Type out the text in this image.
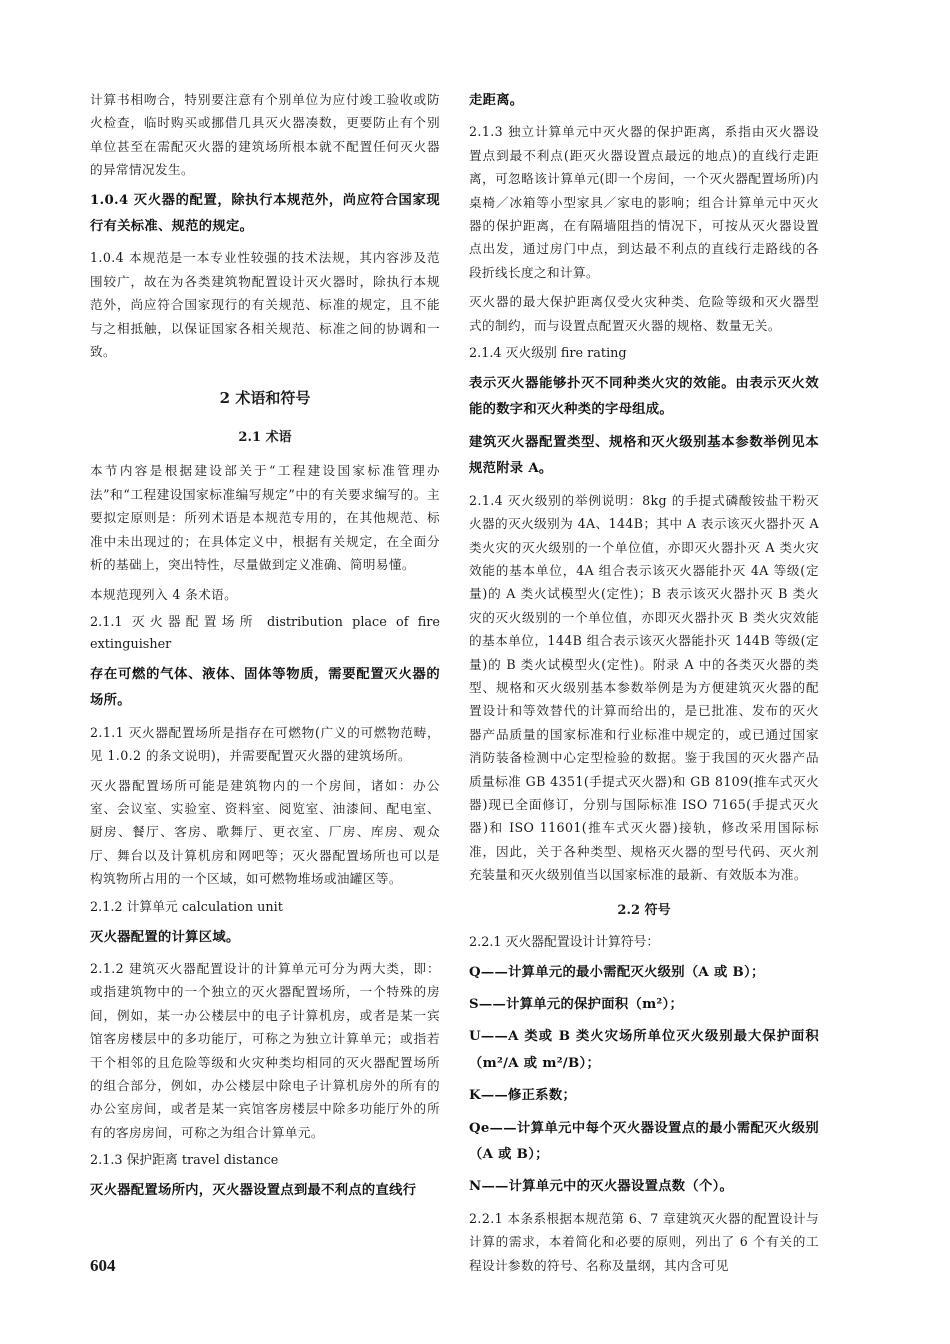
计算书相吻合，特别要注意有个别单位为应付竣工验收或防火检查，临时购买或挪借几具灭火器凑数，更要防止有个别单位甚至在需配灭火器的建筑场所根本就不配置任何灭火器的异常情况发生。

1.0.4 灭火器的配置，除执行本规范外，尚应符合国家现行有关标准、规范的规定。

1.0.4 本规范是一本专业性较强的技术法规，其内容涉及范围较广，故在为各类建筑物配置设计灭火器时，除执行本规范外，尚应符合国家现行的有关规范、标准的规定，且不能与之相抵触，以保证国家各相关规范、标准之间的协调和一致。

2 术语和符号

2.1 术语

本节内容是根据建设部关于“工程建设国家标准管理办法”和“工程建设国家标准编写规定”中的有关要求编写的。主要拟定原则是：所列术语是本规范专用的，在其他规范、标准中未出现过的；在具体定义中，根据有关规定，在全面分析的基础上，突出特性，尽量做到定义准确、简明易懂。

本规范现列入 4 条术语。

2.1.1 灭火器配置场所 distribution place of fire extinguisher

存在可燃的气体、液体、固体等物质，需要配置灭火器的场所。

2.1.1 灭火器配置场所是指存在可燃物(广义的可燃物范畴，见 1.0.2 的条文说明)，并需要配置灭火器的建筑场所。

灭火器配置场所可能是建筑物内的一个房间，诸如：办公室、会议室、实验室、资料室、阅览室、油漆间、配电室、厨房、餐厅、客房、歌舞厅、更衣室、厂房、库房、观众厅、舞台以及计算机房和网吧等；灭火器配置场所也可以是构筑物所占用的一个区域，如可燃物堆场或油罐区等。

2.1.2 计算单元 calculation unit

灭火器配置的计算区域。

2.1.2 建筑灭火器配置设计的计算单元可分为两大类，即：或指建筑物中的一个独立的灭火器配置场所，一个特殊的房间，例如，某一办公楼层中的电子计算机房，或者是某一宾馆客房楼层中的多功能厅，可称之为独立计算单元；或指若干个相邻的且危险等级和火灾种类均相同的灭火器配置场所的组合部分，例如，办公楼层中除电子计算机房外的所有的办公室房间，或者是某一宾馆客房楼层中除多功能厅外的所有的客房房间，可称之为组合计算单元。

2.1.3 保护距离 travel distance

灭火器配置场所内，灭火器设置点到最不利点的直线行

走距离。

2.1.3 独立计算单元中灭火器的保护距离，系指由灭火器设置点到最不利点(距灭火器设置点最远的地点)的直线行走距离，可忽略该计算单元(即一个房间，一个灭火器配置场所)内桌椅／冰箱等小型家具／家电的影响；组合计算单元中灭火器的保护距离，在有隔墙阻挡的情况下，可按从灭火器设置点出发，通过房门中点，到达最不利点的直线行走路线的各段折线长度之和计算。

灭火器的最大保护距离仅受火灾种类、危险等级和灭火器型式的制约，而与设置点配置灭火器的规格、数量无关。

2.1.4 灭火级别 fire rating

表示灭火器能够扑灭不同种类火灾的效能。由表示灭火效能的数字和灭火种类的字母组成。

建筑灭火器配置类型、规格和灭火级别基本参数举例见本规范附录 A。

2.1.4 灭火级别的举例说明：8kg 的手提式磷酸铵盐干粉灭火器的灭火级别为 4A、144B；其中 A 表示该灭火器扑灭 A 类火灾的灭火级别的一个单位值，亦即灭火器扑灭 A 类火灾效能的基本单位，4A 组合表示该灭火器能扑灭 4A 等级(定量)的 A 类火试模型火(定性)；B 表示该灭火器扑灭 B 类火灾的灭火级别的一个单位值，亦即灭火器扑灭 B 类火灾效能的基本单位，144B 组合表示该灭火器能扑灭 144B 等级(定量)的 B 类火试模型火(定性)。附录 A 中的各类灭火器的类型、规格和灭火级别基本参数举例是为方便建筑灭火器的配置设计和等效替代的计算而给出的，是已批准、发布的灭火器产品质量的国家标准和行业标准中规定的，或已通过国家消防装备检测中心定型检验的数据。鉴于我国的灭火器产品质量标准 GB 4351(手提式灭火器)和 GB 8109(推车式灭火器)现已全面修订，分别与国际标准 ISO 7165(手提式灭火器)和 ISO 11601(推车式灭火器)接轨，修改采用国际标准，因此，关于各种类型、规格灭火器的型号代码、灭火剂充装量和灭火级别值当以国家标准的最新、有效版本为准。

2.2 符号

2.2.1 灭火器配置设计计算符号：

Q——计算单元的最小需配灭火级别（A 或 B）；

S——计算单元的保护面积（m²）；

U——A 类或 B 类火灾场所单位灭火级别最大保护面积（m²/A 或 m²/B）；

K——修正系数；

Qe——计算单元中每个灭火器设置点的最小需配灭火级别（A 或 B）；

N——计算单元中的灭火器设置点数（个）。

2.2.1 本条系根据本规范第 6、7 章建筑灭火器的配置设计与计算的需求，本着简化和必要的原则，列出了 6 个有关的工程设计参数的符号、名称及量纲，其内含可见

604
